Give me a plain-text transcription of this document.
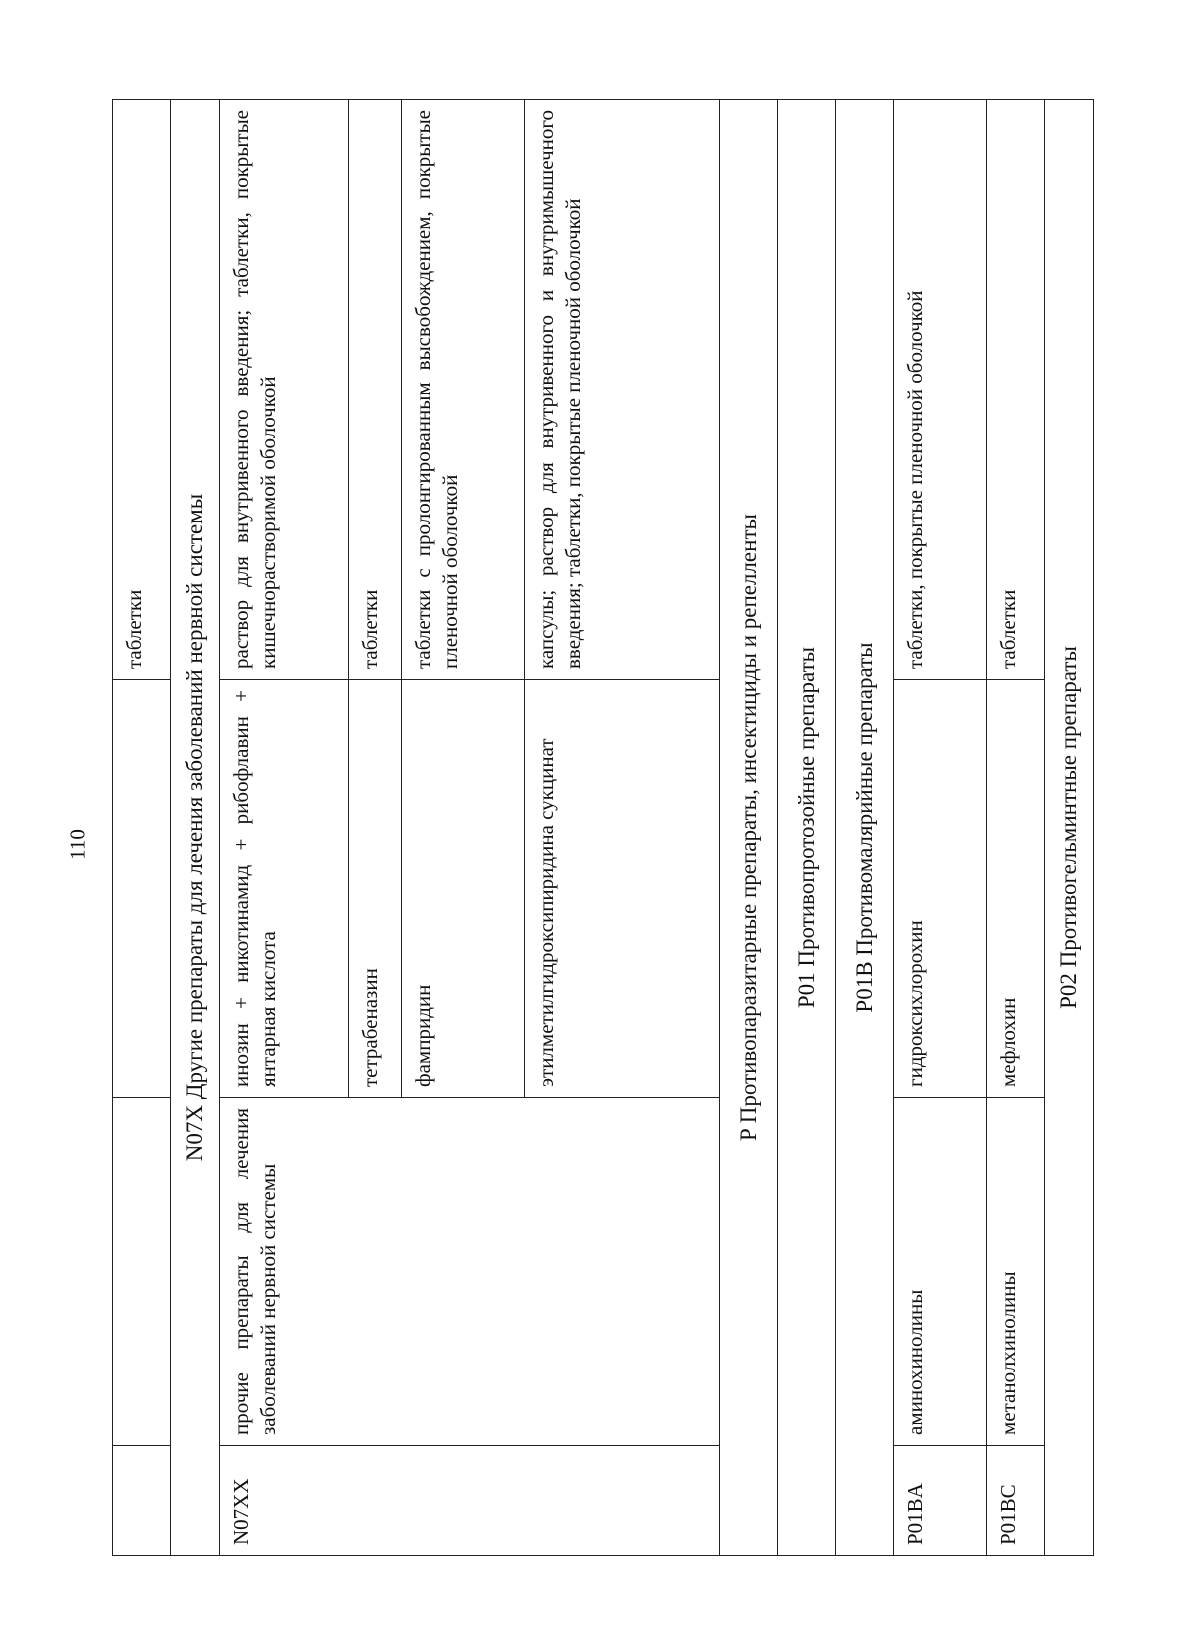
110
			таблетки
N07X Другие препараты для лечения заболеваний нервной системы			
N07XX	прочие препараты для лечения заболеваний нервной системы	инозин + никотинамид + рибофлавин + янтарная кислота	раствор для внутривенного введения; таблетки, покрытые кишечнорастворимой оболочкой
		тетрабеназин	таблетки
		фампридин	таблетки с пролонгированным высвобождением, покрытые пленочной оболочкой
		этилметилгидроксипиридина сукцинат	капсулы; раствор для внутривенного и внутримышечного введения; таблетки, покрытые пленочной оболочкой
P Противопаразитарные препараты, инсектициды и репелленты			
P01 Противопротозойные препараты			
P01B Противомалярийные препараты			
P01BA	аминохинолины	гидроксихлорохин	таблетки, покрытые пленочной оболочкой
P01BC	метанолхинолины	мефлохин	таблетки
P02 Противогельминтные препараты			
